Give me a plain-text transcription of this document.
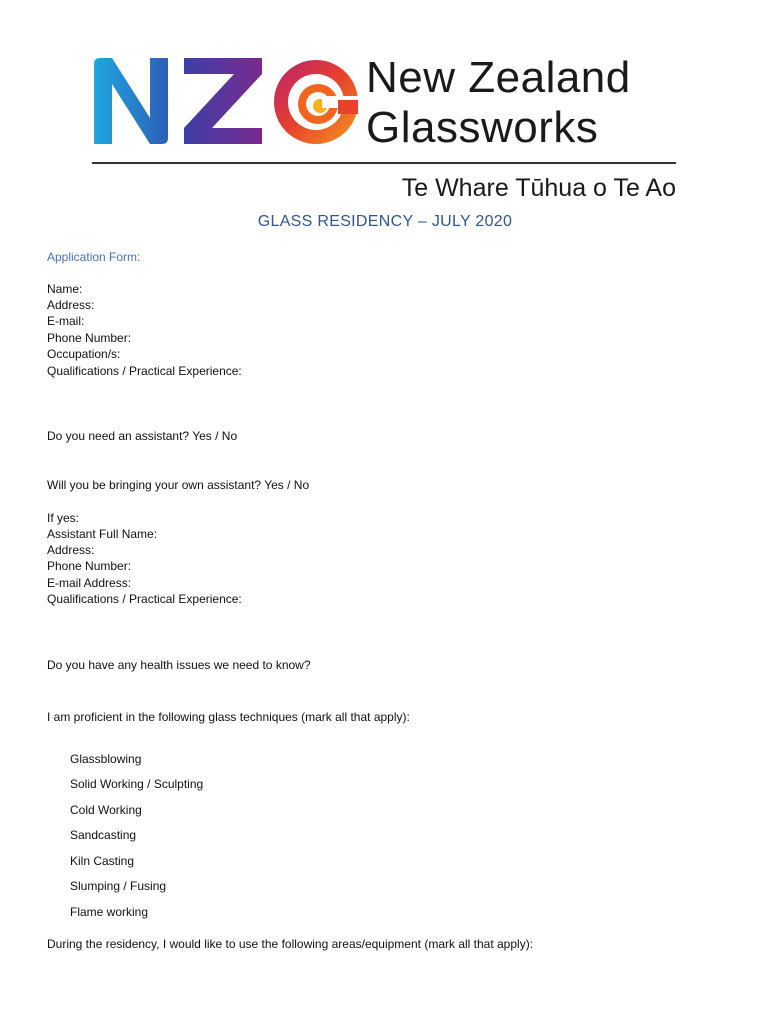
New Zealand
Glassworks
Te Whare Tūhua o Te Ao
GLASS RESIDENCY – JULY 2020
Application Form:
Name:
Address:
E-mail:
Phone Number:
Occupation/s:
Qualifications / Practical Experience:
Do you need an assistant? Yes / No
Will you be bringing your own assistant? Yes / No
If yes:
Assistant Full Name:
Address:
Phone Number:
E-mail Address:
Qualifications / Practical Experience:
Do you have any health issues we need to know?
I am proficient in the following glass techniques (mark all that apply):
Glassblowing
Solid Working / Sculpting
Cold Working
Sandcasting
Kiln Casting
Slumping / Fusing
Flame working
During the residency, I would like to use the following areas/equipment (mark all that apply):
